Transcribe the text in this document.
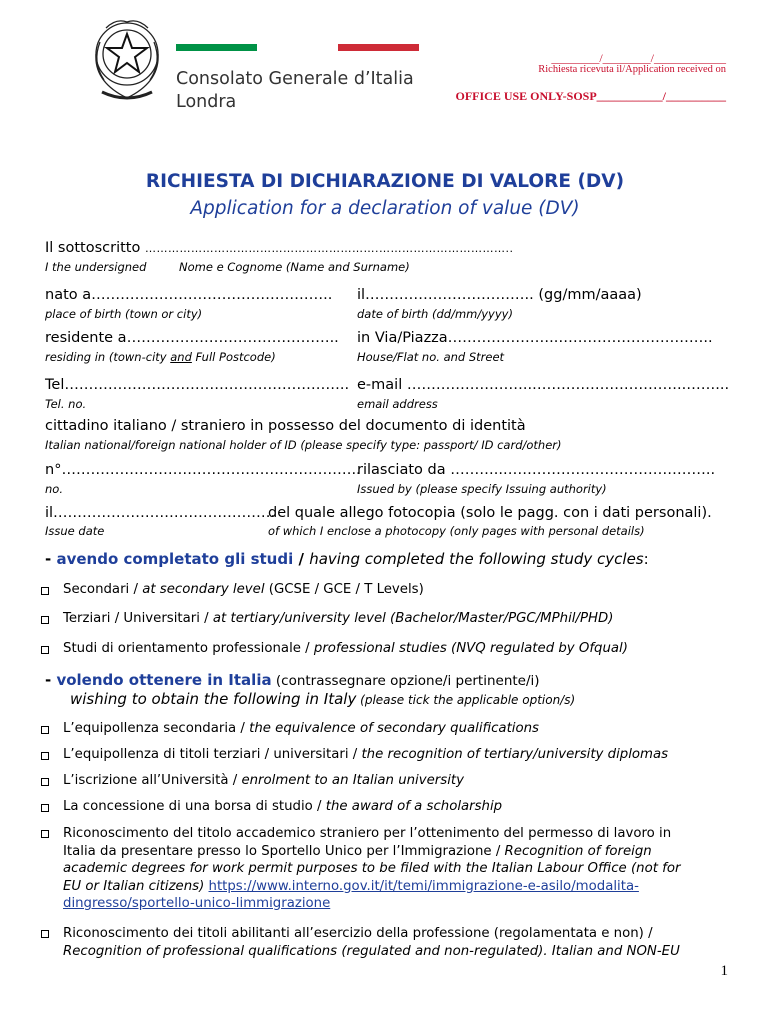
Consolato Generale d’Italia
Londra
________/________/____________
Richiesta ricevuta il/Application received on
OFFICE USE ONLY-SOSP___________/__________
RICHIESTA DI DICHIARAZIONE DI VALORE (DV)
Application for a declaration of value (DV)
Il sottoscritto …………………………………………………….……………………………..
I the undersigned	Nome e Cognome (Name and Surname)
nato a…………………………………………..
place of birth (town or city)
il…………………………….. (gg/mm/aaaa)
date of birth (dd/mm/yyyy)
residente a……………………………………..
residing in (town-city and Full Postcode)
in Via/Piazza…………………..…………………………..
House/Flat no. and Street
Tel…………………………………………………..
Tel. no.
e-mail ……………………..…………………………..……...
email address
cittadino italiano / straniero in possesso del documento di identità
Italian national/foreign national holder of ID (please specify type: passport/ ID card/other)
n°……………………………………………………..
no.
rilasciato da ………..……………………………………..
Issued by (please specify Issuing authority)
il……………………………………….
Issue date
del quale allego fotocopia (solo le pagg. con i dati personali).
of which I enclose a photocopy (only pages with personal details)
- avendo completato gli studi / having completed the following study cycles:
Secondari / at secondary level (GCSE / GCE / T Levels)
Terziari / Universitari / at tertiary/university level (Bachelor/Master/PGC/MPhil/PHD)
Studi di orientamento professionale / professional studies (NVQ regulated by Ofqual)
- volendo ottenere in Italia (contrassegnare opzione/i pertinente/i)
wishing to obtain the following in Italy (please tick the applicable option/s)
L’equipollenza secondaria / the equivalence of secondary qualifications
L’equipollenza di titoli terziari / universitari / the recognition of tertiary/university diplomas
L’iscrizione all’Università / enrolment to an Italian university
La concessione di una borsa di studio / the award of a scholarship
Riconoscimento del titolo accademico straniero per l’ottenimento del permesso di lavoro in
Italia da presentare presso lo Sportello Unico per l’Immigrazione / Recognition of foreign
academic degrees for work permit purposes to be filed with the Italian Labour Office (not for
EU or Italian citizens) https://www.interno.gov.it/it/temi/immigrazione-e-asilo/modalita-
dingresso/sportello-unico-limmigrazione
Riconoscimento dei titoli abilitanti all’esercizio della professione (regolamentata e non) /
Recognition of professional qualifications (regulated and non-regulated). Italian and NON-EU
1
